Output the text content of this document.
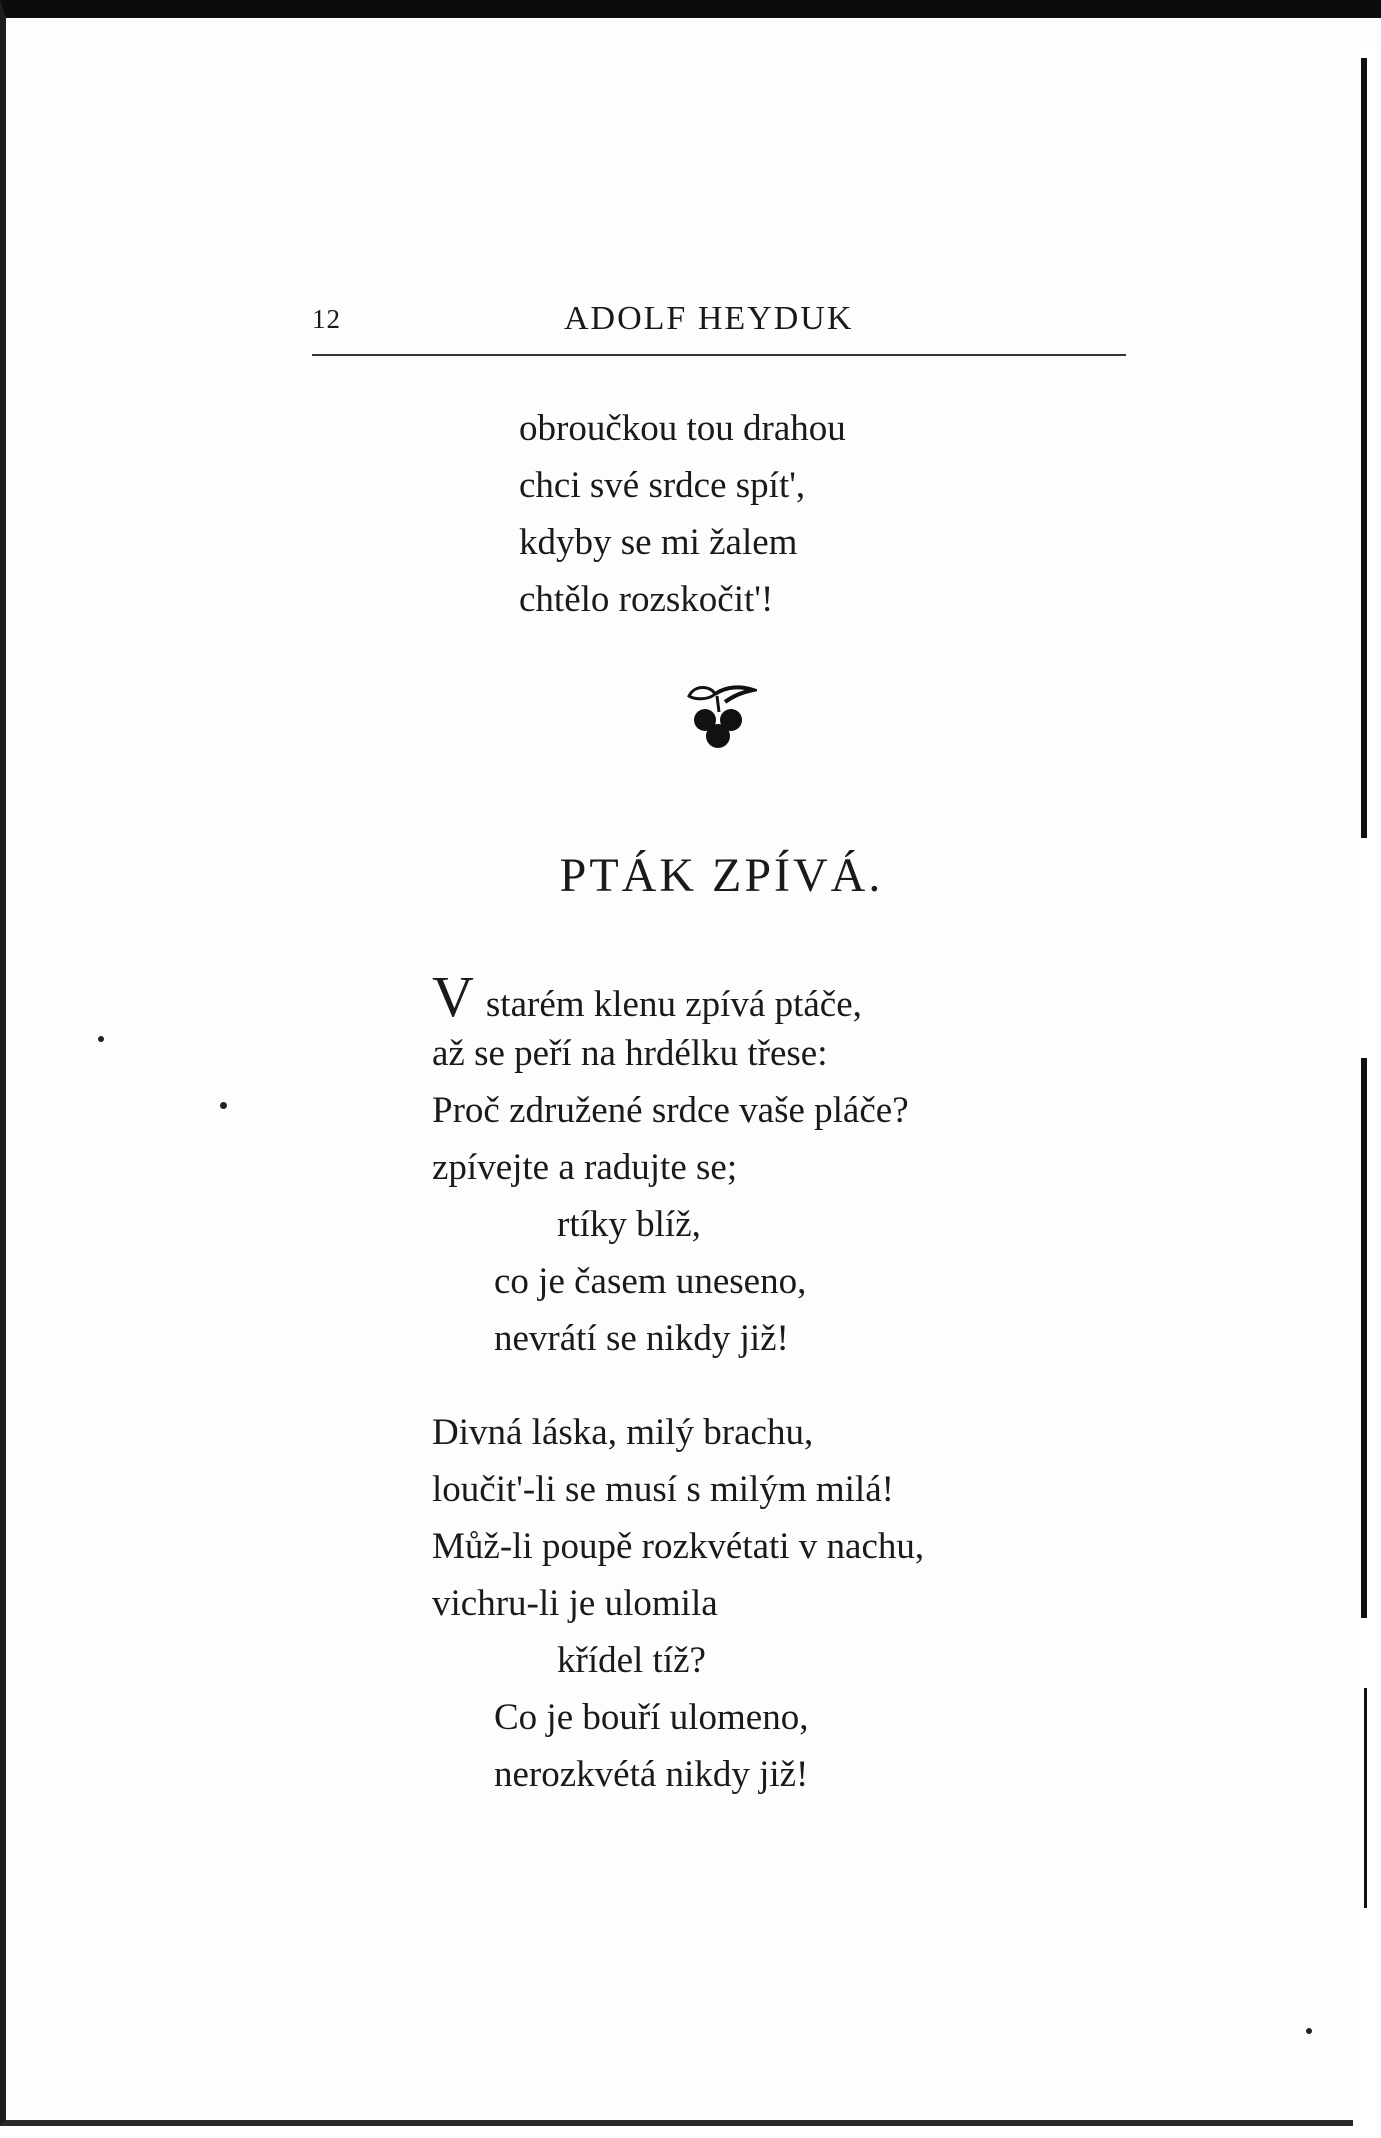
12	ADOLF HEYDUK
obroučkou tou drahou
chci své srdce spít',
kdyby se mi žalem
chtělo rozskočit'!
PTÁK ZPÍVÁ.
Vstarém klenu zpívá ptáče,
až se peří na hrdélku třese:
Proč združené srdce vaše pláče?
zpívejte a radujte se;
rtíky blíž,
co je časem uneseno,
nevrátí se nikdy již!
Divná láska, milý brachu,
loučit'-li se musí s milým milá!
Můž-li poupě rozkvétati v nachu,
vichru-li je ulomila
křídel tíž?
Co je bouří ulomeno,
nerozkvétá nikdy již!
